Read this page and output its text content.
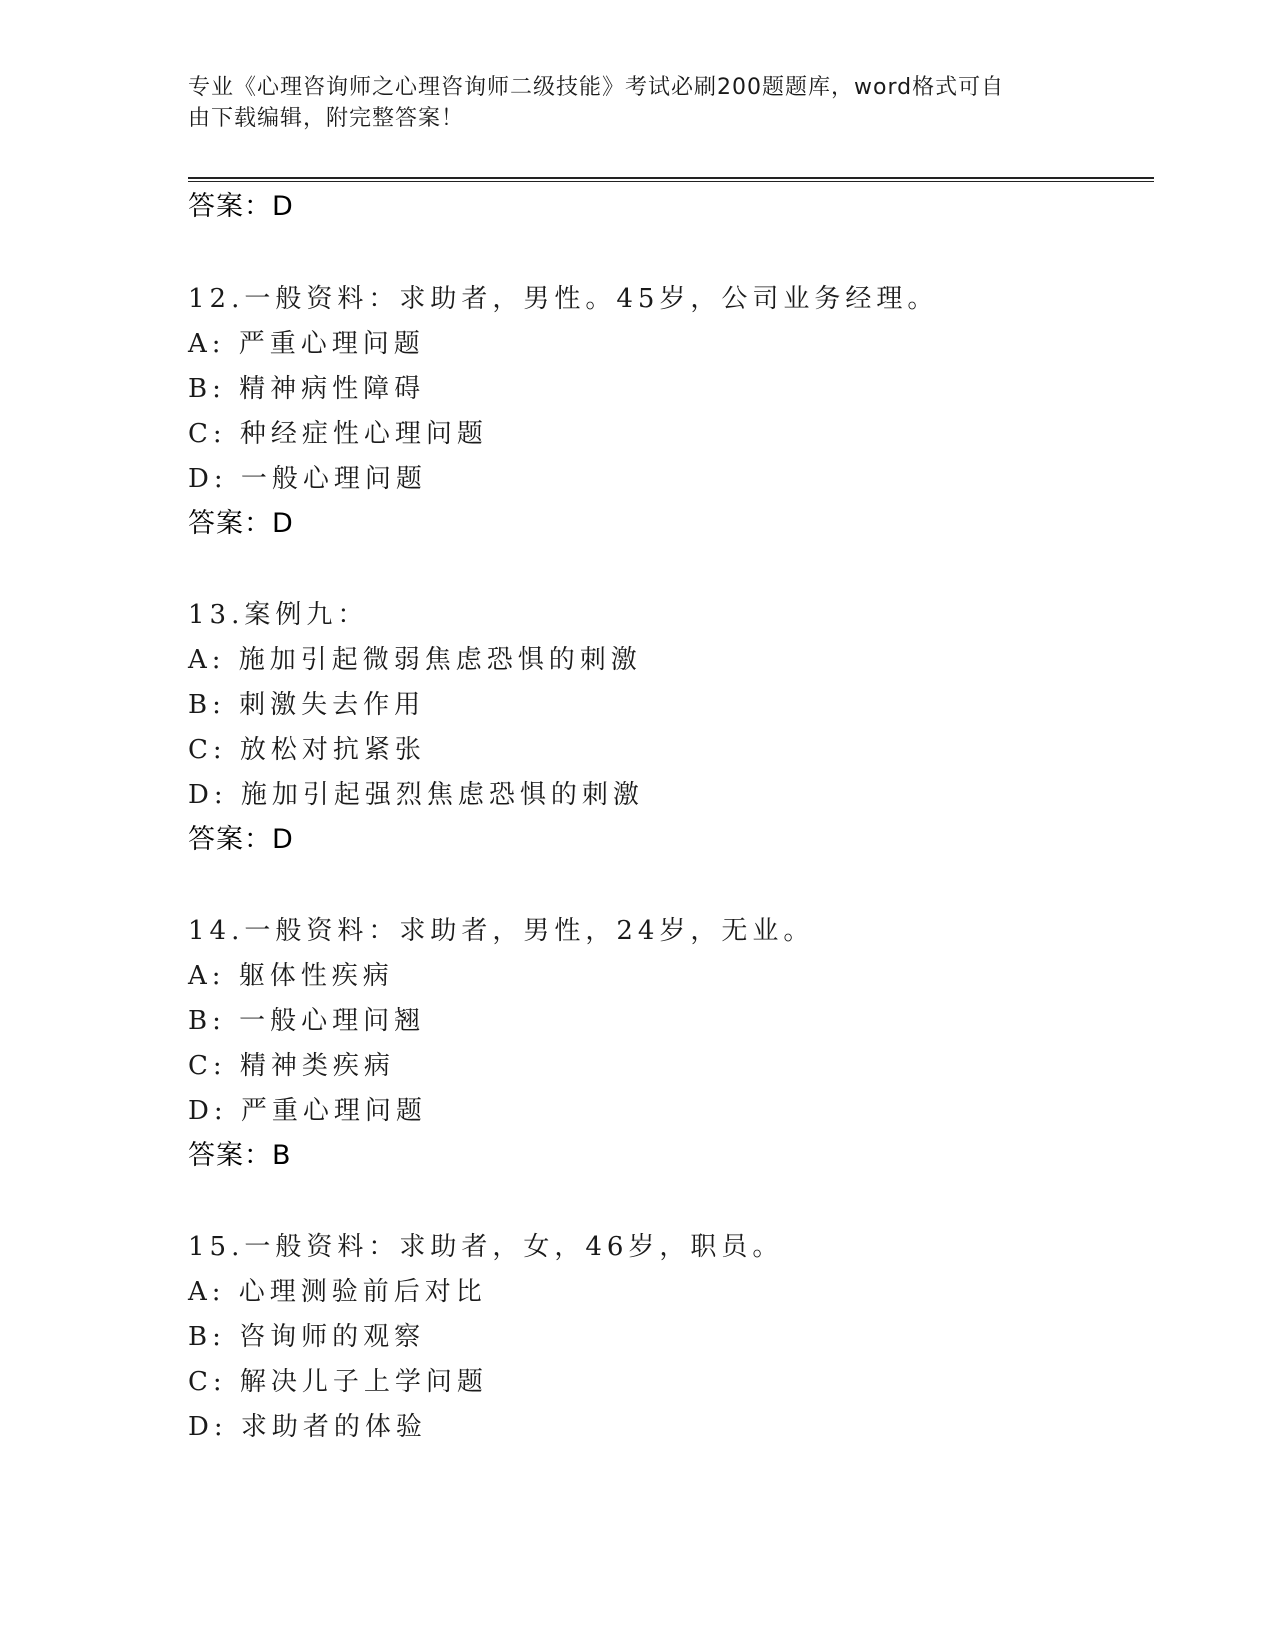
专业《心理咨询师之心理咨询师二级技能》考试必刷200题题库，word格式可自
由下载编辑，附完整答案！
答案：D
12.一般资料：求助者，男性。45岁，公司业务经理。
A: 严重心理问题
B: 精神病性障碍
C: 种经症性心理问题
D: 一般心理问题
答案：D
13.案例九：
A: 施加引起微弱焦虑恐惧的刺激
B: 刺激失去作用
C: 放松对抗紧张
D: 施加引起强烈焦虑恐惧的刺激
答案：D
14.一般资料：求助者，男性，24岁，无业。
A: 躯体性疾病
B: 一般心理问翘
C: 精神类疾病
D: 严重心理问题
答案：B
15.一般资料：求助者，女，46岁，职员。
A: 心理测验前后对比
B: 咨询师的观察
C: 解决儿子上学问题
D: 求助者的体验
